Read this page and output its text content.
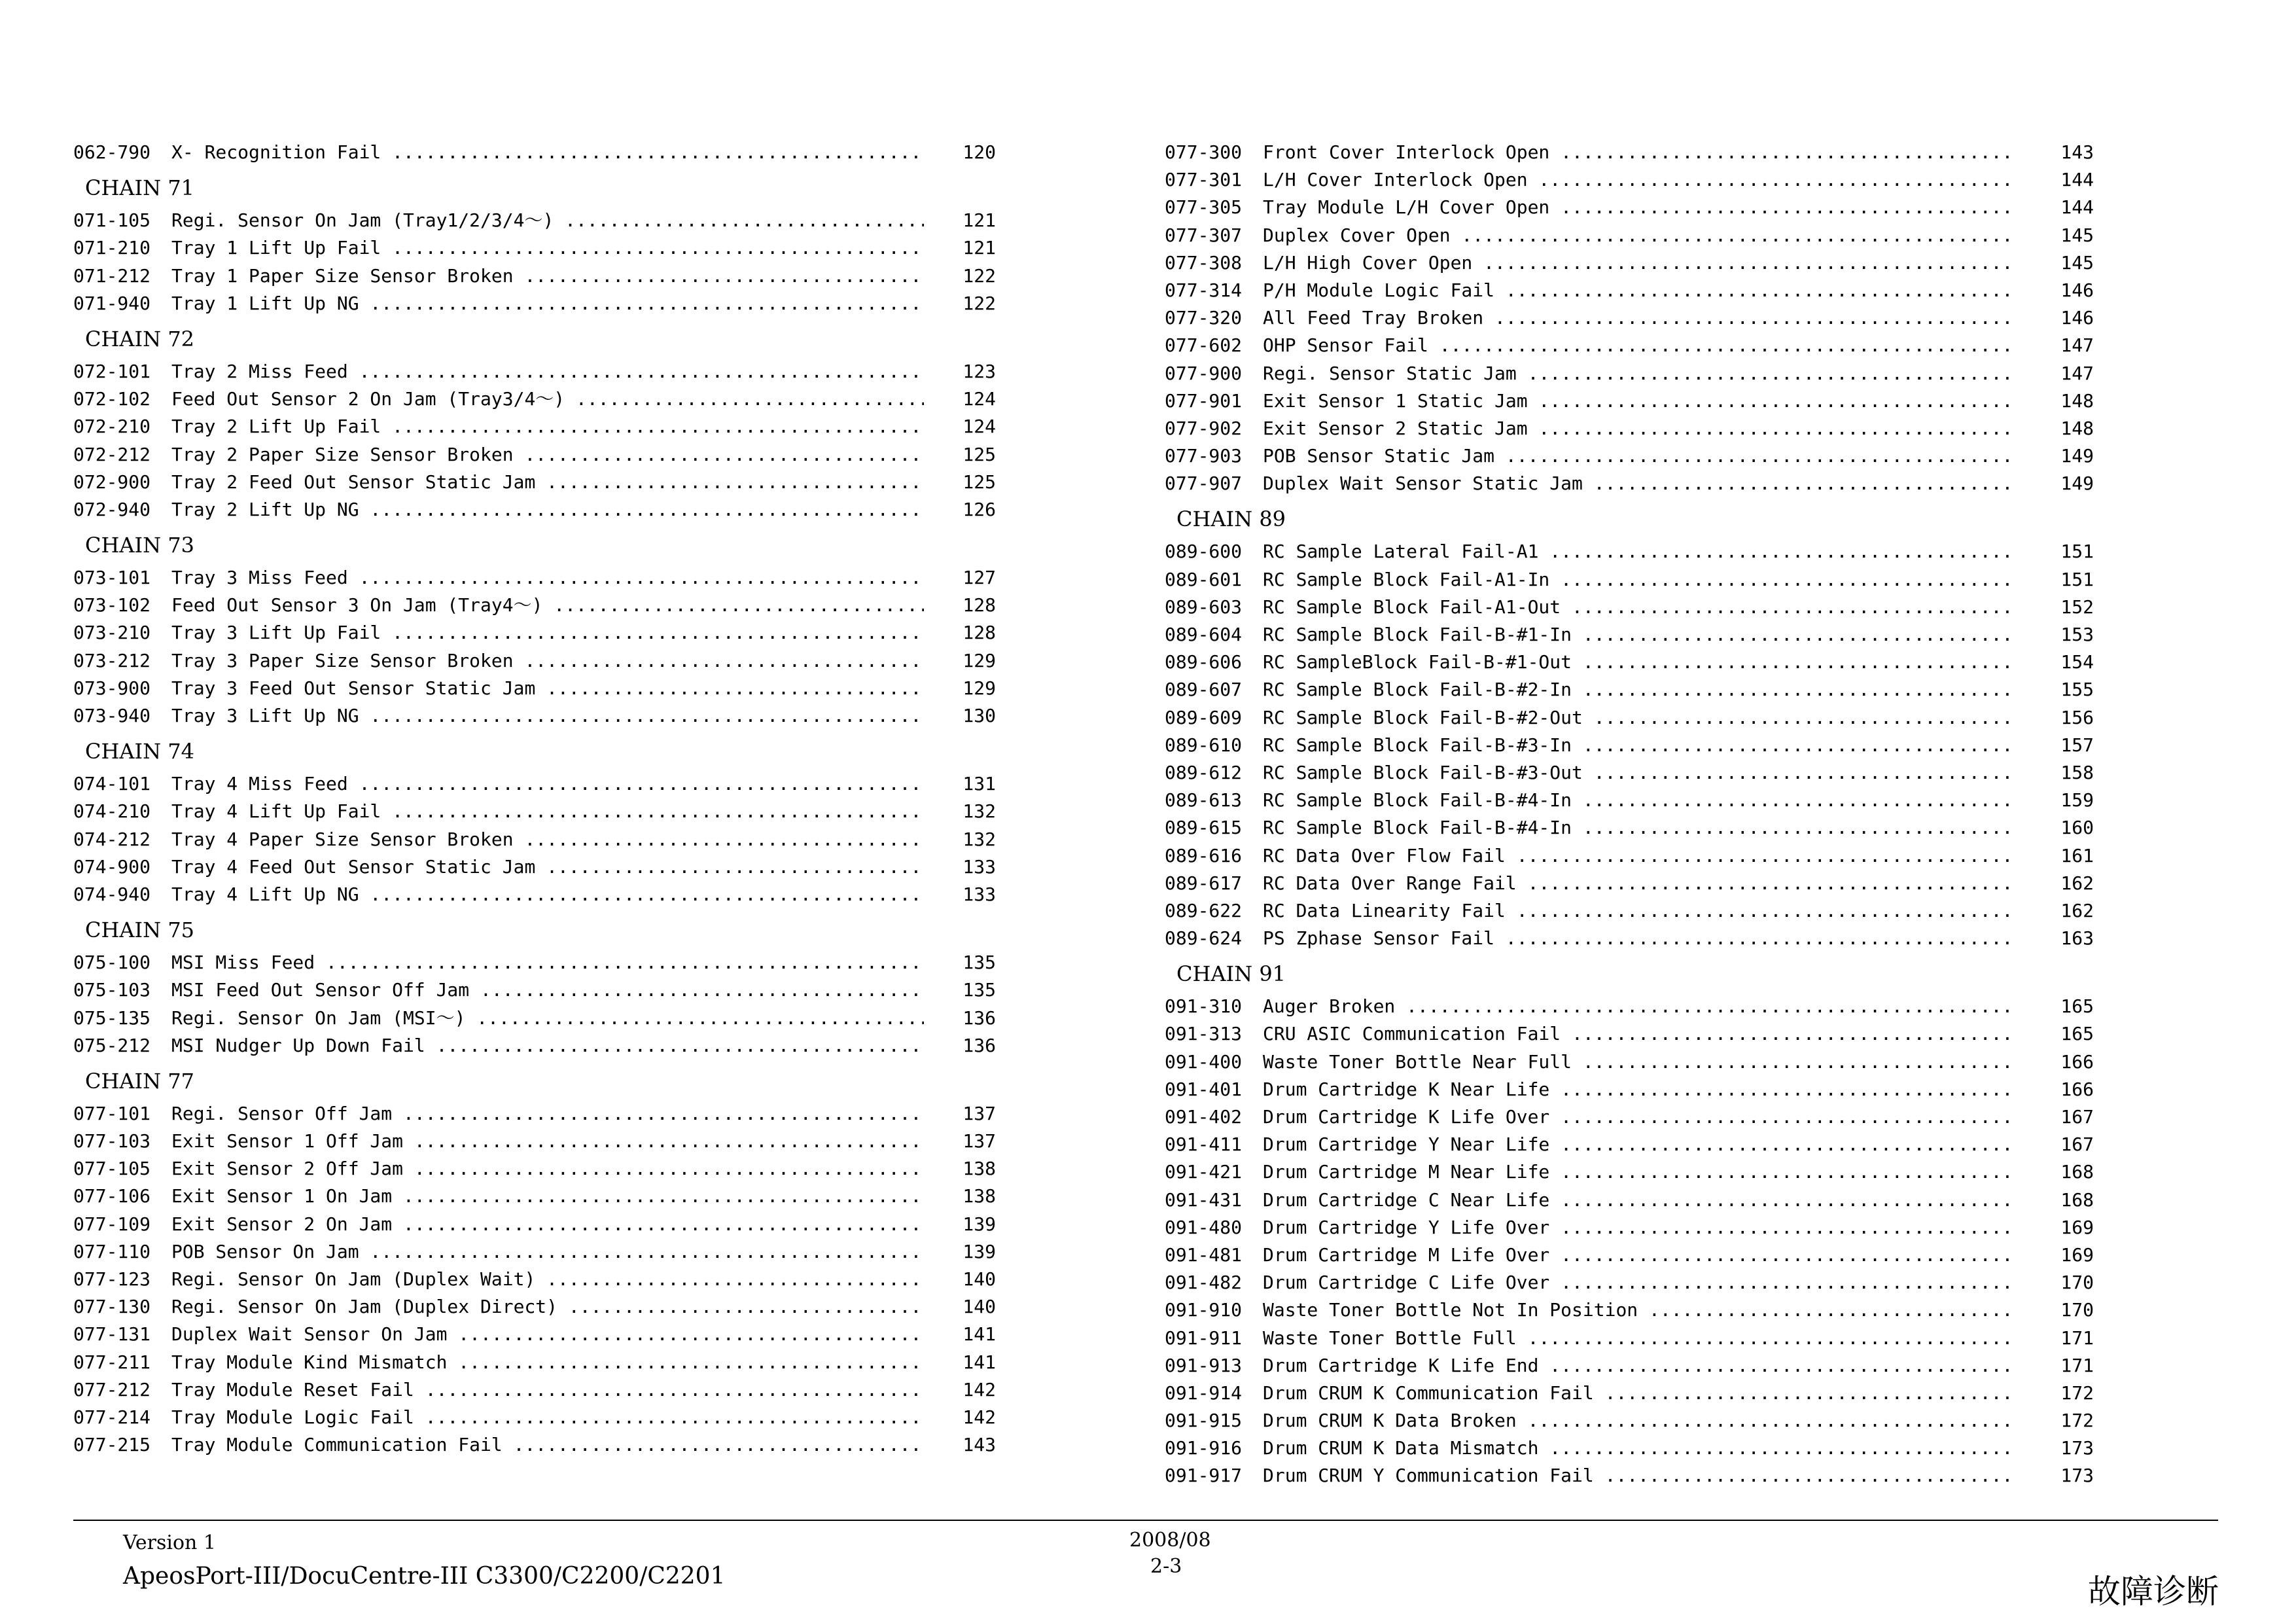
062-790	X- Recognition Fail .....	120
CHAIN 71
071-105	Regi. Sensor On Jam (Tray1/2/3/4～) .....	121
071-210	Tray 1 Lift Up Fail .....	121
071-212	Tray 1 Paper Size Sensor Broken .....	122
071-940	Tray 1 Lift Up NG .....	122
CHAIN 72
072-101	Tray 2 Miss Feed .....	123
072-102	Feed Out Sensor 2 On Jam (Tray3/4～) .....	124
072-210	Tray 2 Lift Up Fail .....	124
072-212	Tray 2 Paper Size Sensor Broken .....	125
072-900	Tray 2 Feed Out Sensor Static Jam .....	125
072-940	Tray 2 Lift Up NG .....	126
CHAIN 73
073-101	Tray 3 Miss Feed .....	127
073-102	Feed Out Sensor 3 On Jam (Tray4～) .....	128
073-210	Tray 3 Lift Up Fail .....	128
073-212	Tray 3 Paper Size Sensor Broken .....	129
073-900	Tray 3 Feed Out Sensor Static Jam .....	129
073-940	Tray 3 Lift Up NG .....	130
CHAIN 74
074-101	Tray 4 Miss Feed .....	131
074-210	Tray 4 Lift Up Fail .....	132
074-212	Tray 4 Paper Size Sensor Broken .....	132
074-900	Tray 4 Feed Out Sensor Static Jam .....	133
074-940	Tray 4 Lift Up NG .....	133
CHAIN 75
075-100	MSI Miss Feed .....	135
075-103	MSI Feed Out Sensor Off Jam .....	135
075-135	Regi. Sensor On Jam (MSI～) .....	136
075-212	MSI Nudger Up Down Fail .....	136
CHAIN 77
077-101	Regi. Sensor Off Jam .....	137
077-103	Exit Sensor 1 Off Jam .....	137
077-105	Exit Sensor 2 Off Jam .....	138
077-106	Exit Sensor 1 On Jam .....	138
077-109	Exit Sensor 2 On Jam .....	139
077-110	POB Sensor On Jam .....	139
077-123	Regi. Sensor On Jam (Duplex Wait) .....	140
077-130	Regi. Sensor On Jam (Duplex Direct) .....	140
077-131	Duplex Wait Sensor On Jam .....	141
077-211	Tray Module Kind Mismatch .....	141
077-212	Tray Module Reset Fail .....	142
077-214	Tray Module Logic Fail .....	142
077-215	Tray Module Communication Fail .....	143
077-300	Front Cover Interlock Open .....	143
077-301	L/H Cover Interlock Open .....	144
077-305	Tray Module L/H Cover Open .....	144
077-307	Duplex Cover Open .....	145
077-308	L/H High Cover Open .....	145
077-314	P/H Module Logic Fail .....	146
077-320	All Feed Tray Broken .....	146
077-602	OHP Sensor Fail .....	147
077-900	Regi. Sensor Static Jam .....	147
077-901	Exit Sensor 1 Static Jam .....	148
077-902	Exit Sensor 2 Static Jam .....	148
077-903	POB Sensor Static Jam .....	149
077-907	Duplex Wait Sensor Static Jam .....	149
CHAIN 89
089-600	RC Sample Lateral Fail-A1 .....	151
089-601	RC Sample Block Fail-A1-In .....	151
089-603	RC Sample Block Fail-A1-Out .....	152
089-604	RC Sample Block Fail-B-#1-In .....	153
089-606	RC SampleBlock Fail-B-#1-Out .....	154
089-607	RC Sample Block Fail-B-#2-In .....	155
089-609	RC Sample Block Fail-B-#2-Out .....	156
089-610	RC Sample Block Fail-B-#3-In .....	157
089-612	RC Sample Block Fail-B-#3-Out .....	158
089-613	RC Sample Block Fail-B-#4-In .....	159
089-615	RC Sample Block Fail-B-#4-In .....	160
089-616	RC Data Over Flow Fail .....	161
089-617	RC Data Over Range Fail .....	162
089-622	RC Data Linearity Fail .....	162
089-624	PS Zphase Sensor Fail .....	163
CHAIN 91
091-310	Auger Broken .....	165
091-313	CRU ASIC Communication Fail .....	165
091-400	Waste Toner Bottle Near Full .....	166
091-401	Drum Cartridge K Near Life .....	166
091-402	Drum Cartridge K Life Over .....	167
091-411	Drum Cartridge Y Near Life .....	167
091-421	Drum Cartridge M Near Life .....	168
091-431	Drum Cartridge C Near Life .....	168
091-480	Drum Cartridge Y Life Over .....	169
091-481	Drum Cartridge M Life Over .....	169
091-482	Drum Cartridge C Life Over .....	170
091-910	Waste Toner Bottle Not In Position .....	170
091-911	Waste Toner Bottle Full .....	171
091-913	Drum Cartridge K Life End .....	171
091-914	Drum CRUM K Communication Fail .....	172
091-915	Drum CRUM K Data Broken .....	172
091-916	Drum CRUM K Data Mismatch .....	173
091-917	Drum CRUM Y Communication Fail .....	173
Version 1
ApeosPort-III/DocuCentre-III C3300/C2200/C2201
2008/08
2-3
故障诊断
